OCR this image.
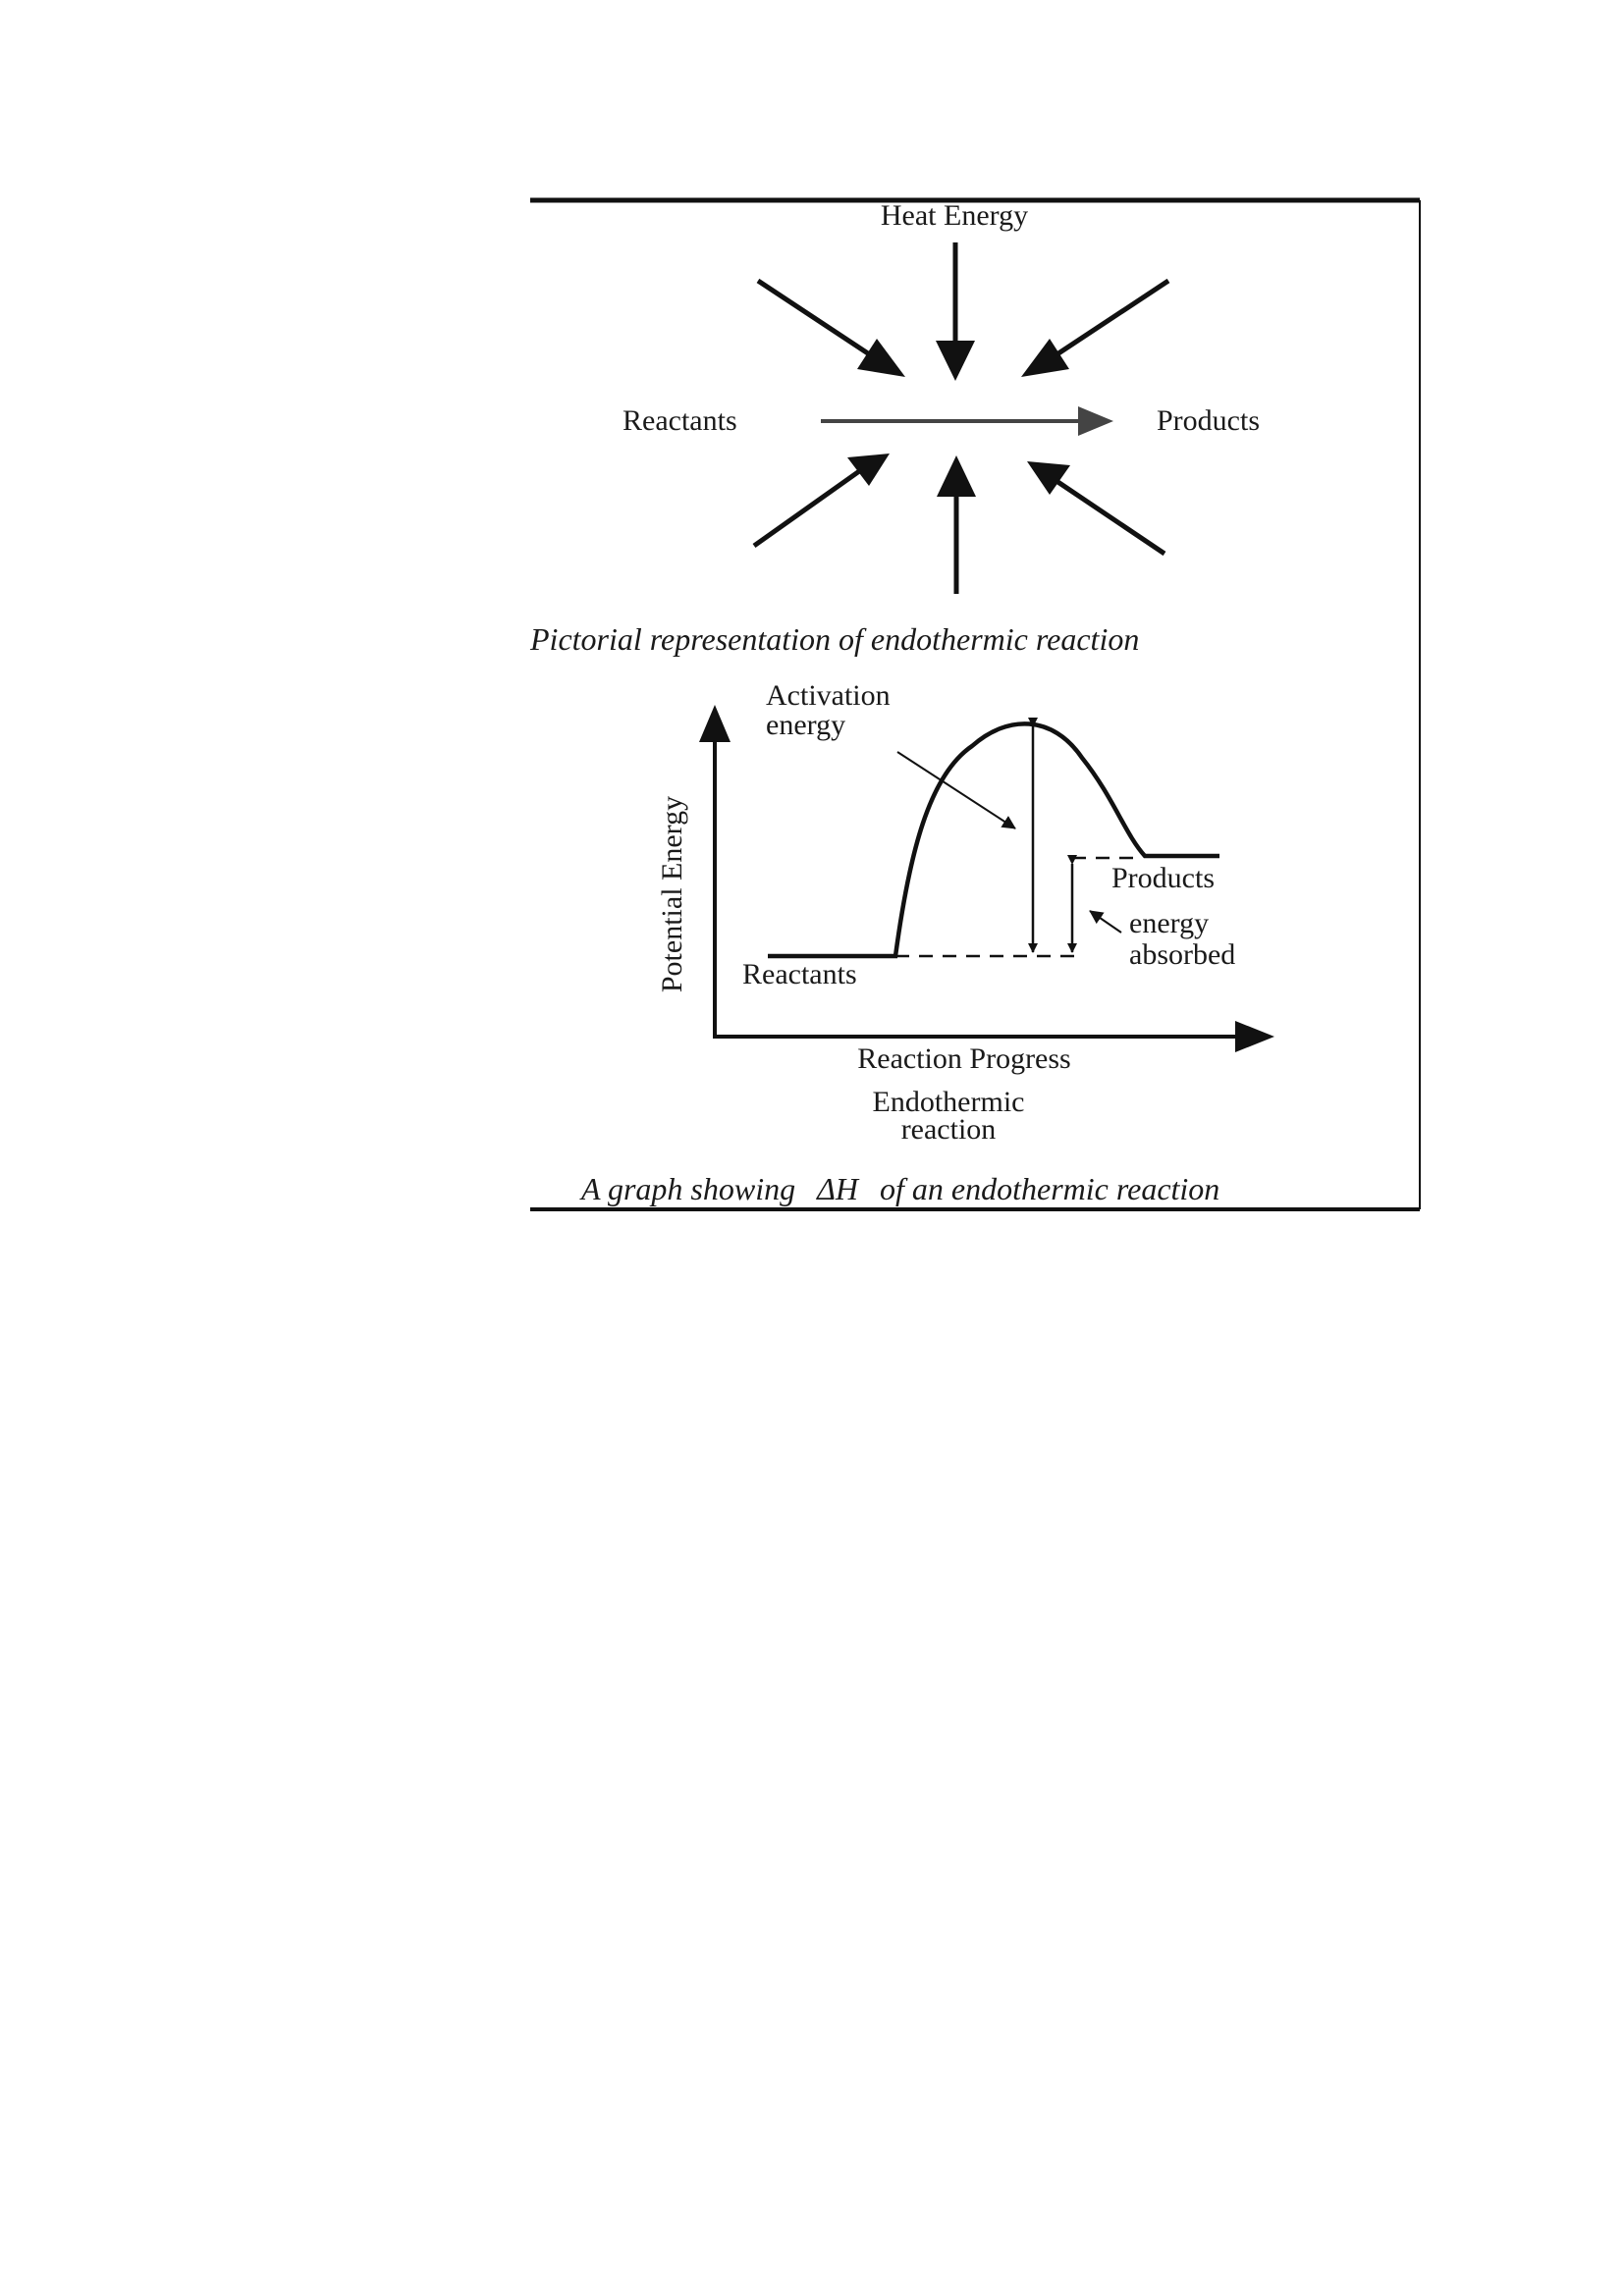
Heat Energy
Reactants	Products
Pictorial representation of endothermic reaction
Potential Energy
Activation
energy
Products
energy
absorbed
Reactants
Reaction Progress
Endothermic
reaction
A graph showing ΔH of an endothermic reaction
